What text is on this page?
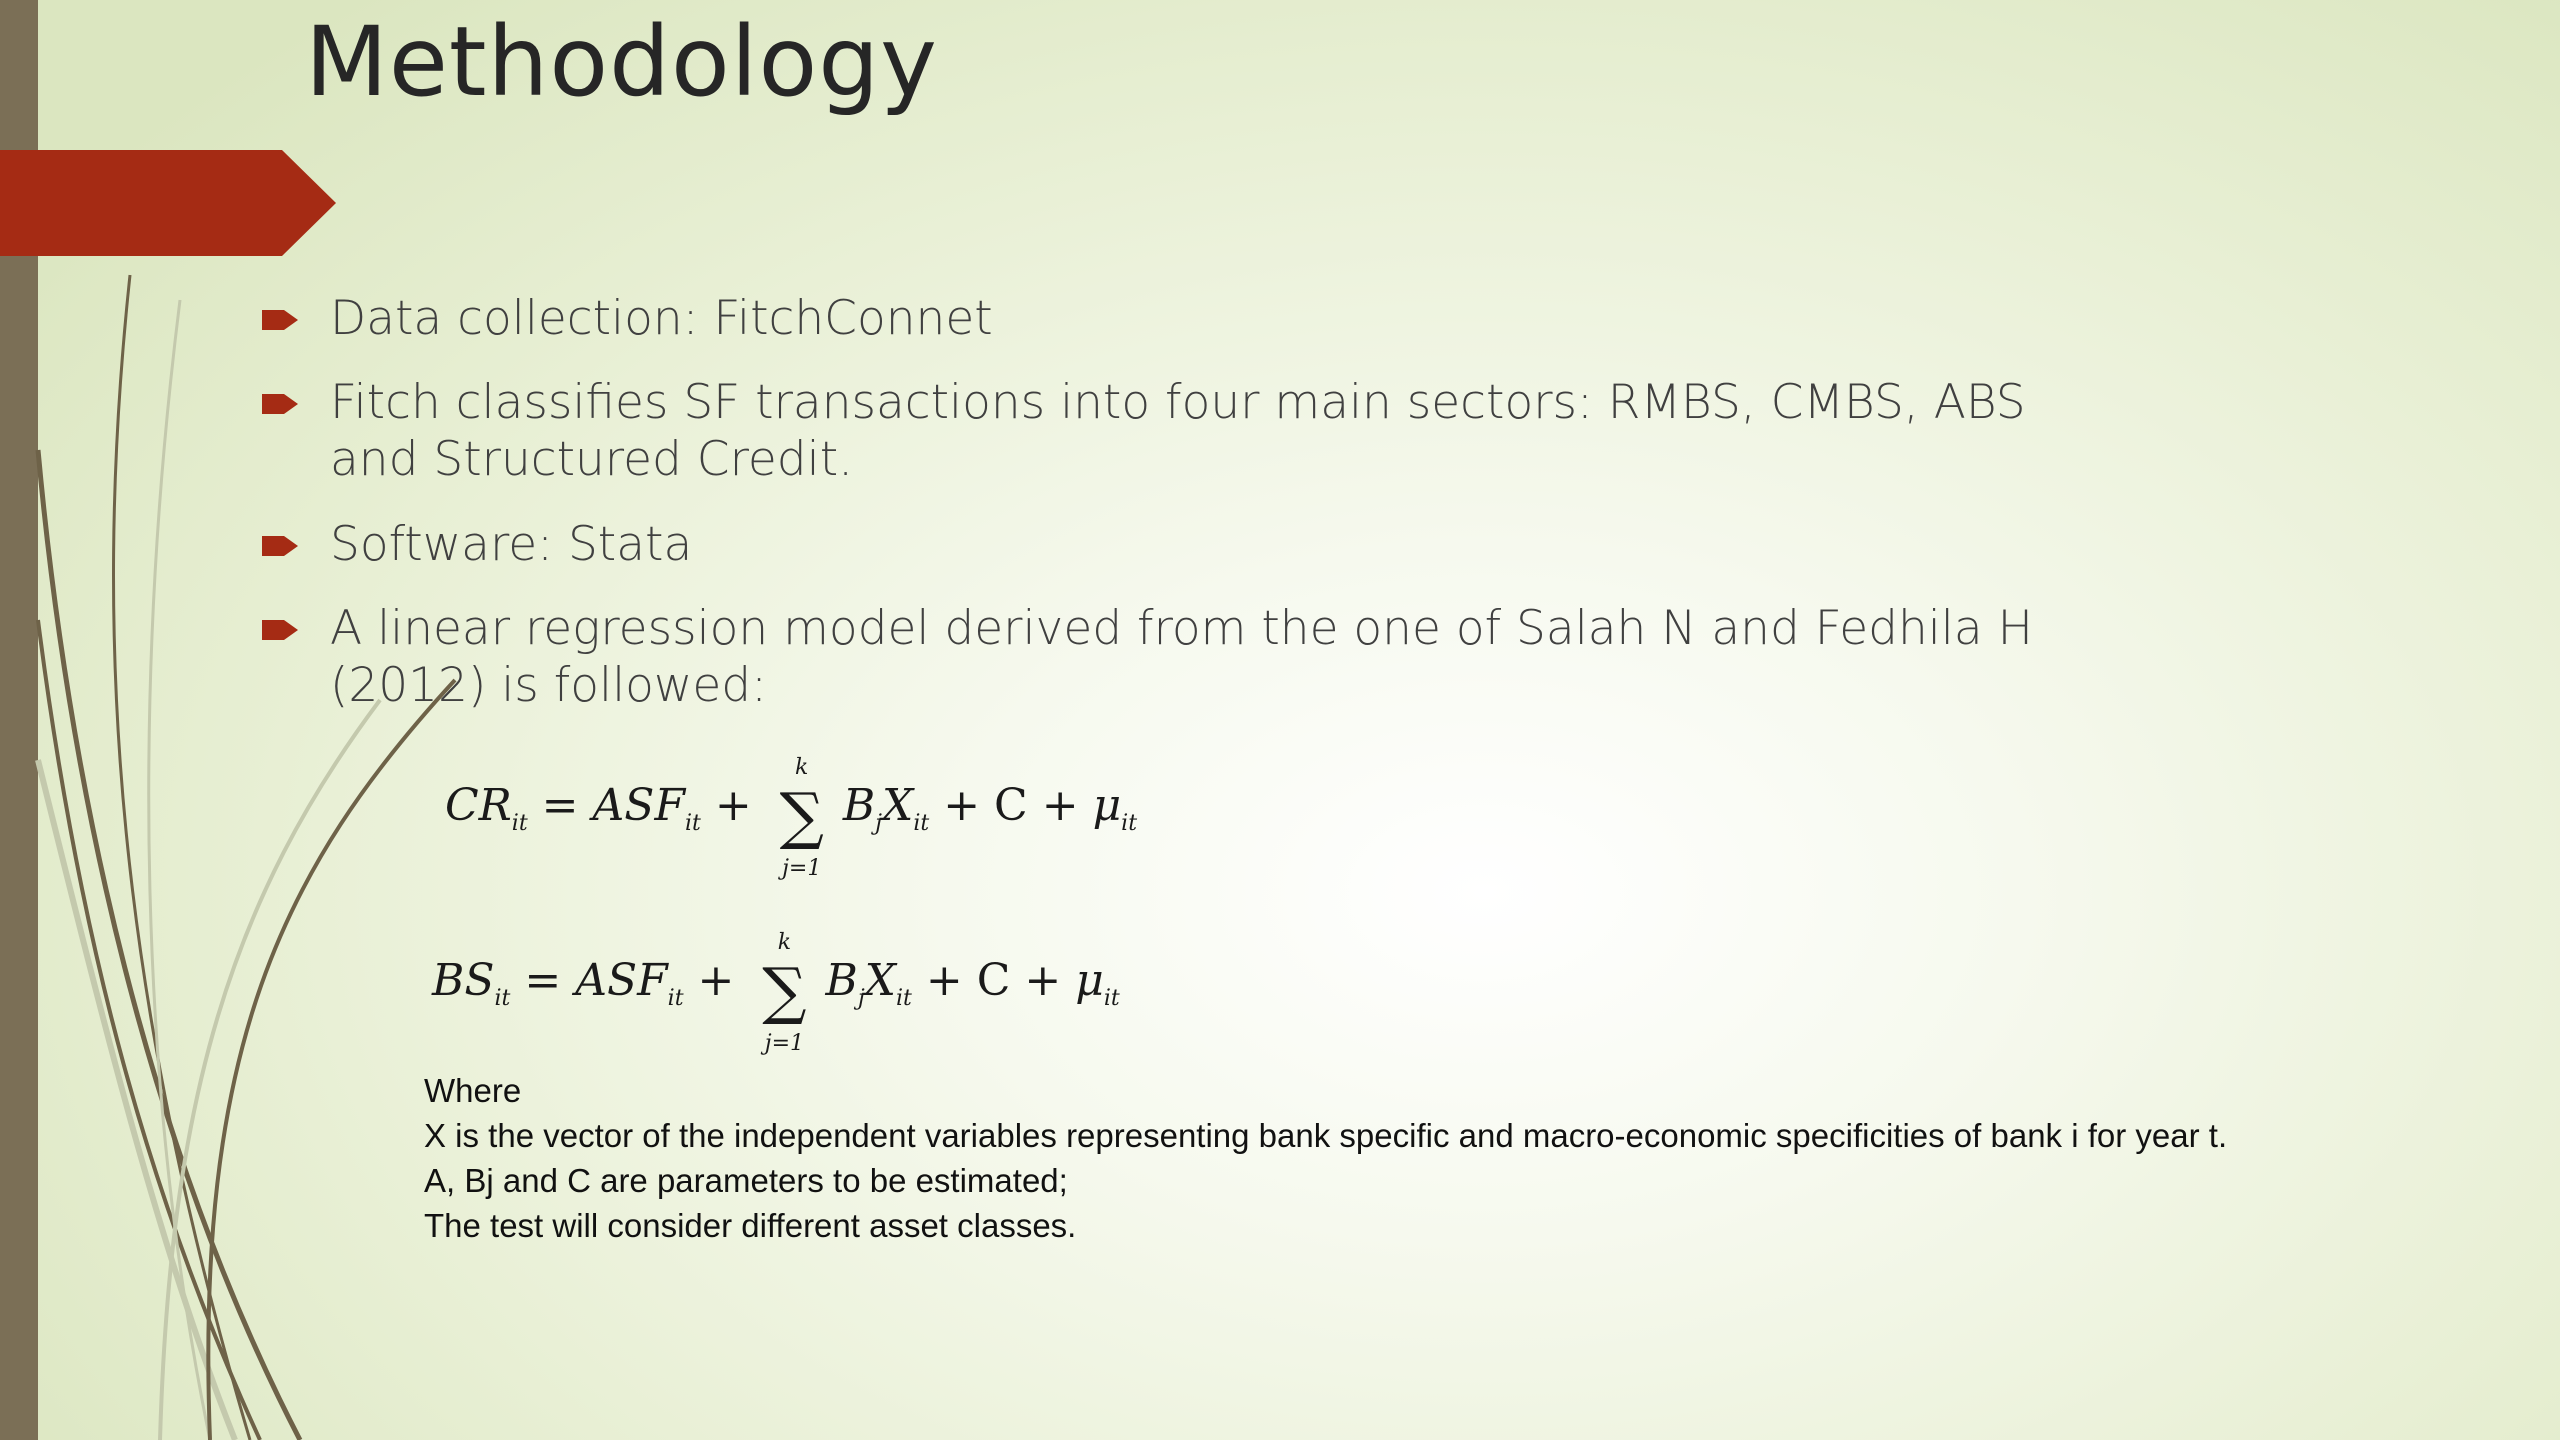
Methodology
Data collection: FitchConnet
Fitch classifies SF transactions into four main sectors: RMBS, CMBS, ABS and Structured Credit.
Software: Stata
A linear regression model derived from the one of Salah N and Fedhila H (2012) is followed:
$CR_{it} = ASF_{it}$ +
k
∑
j=1
$B_jX_{it} + C + \mu_{it}$
$BS_{it} = ASF_{it}$ +
k
∑
j=1
$B_jX_{it} + C + \mu_{it}$
Where
X is the vector of the independent variables representing bank specific and macro-economic specificities of bank i for year t.
A, Bj and C are parameters to be estimated;
The test will consider different asset classes.
